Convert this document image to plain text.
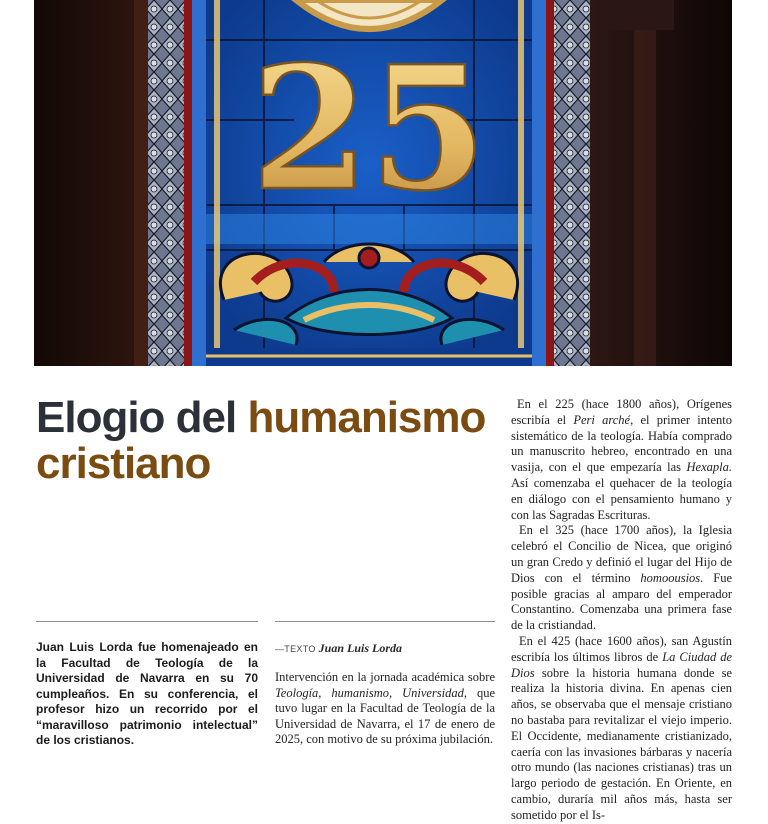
25
Elogio del humanismo cristiano

Juan Luis Lorda fue homenajeado en la Facultad de Teología de la Universidad de Navarra en su 70 cumpleaños. En su conferencia, el profesor hizo un recorrido por el “maravilloso patrimonio intelectual” de los cristianos.

—TEXTO Juan Luis Lorda

Intervención en la jornada académica sobre Teología, humanismo, Universidad, que tuvo lugar en la Facultad de Teología de la Universidad de Navarra, el 17 de enero de 2025, con motivo de su próxima jubilación.

En el 225 (hace 1800 años), Orígenes escribía el Peri arché, el primer intento sistemático de la teología. Había comprado un manuscrito hebreo, encontrado en una vasija, con el que empezaría las Hexapla. Así comenzaba el quehacer de la teología en diálogo con el pensamiento humano y con las Sagradas Escrituras.

En el 325 (hace 1700 años), la Iglesia celebró el Concilio de Nicea, que originó un gran Credo y definió el lugar del Hijo de Dios con el término homoousios. Fue posible gracias al amparo del emperador Constantino. Comenzaba una primera fase de la cristiandad.

En el 425 (hace 1600 años), san Agustín escribía los últimos libros de La Ciudad de Dios sobre la historia humana donde se realiza la historia divina. En apenas cien años, se observaba que el mensaje cristiano no bastaba para revitalizar el viejo imperio. El Occidente, medianamente cristianizado, caería con las invasiones bárbaras y nacería otro mundo (las naciones cristianas) tras un largo periodo de gestación. En Oriente, en cambio, duraría mil años más, hasta ser sometido por el Is-
